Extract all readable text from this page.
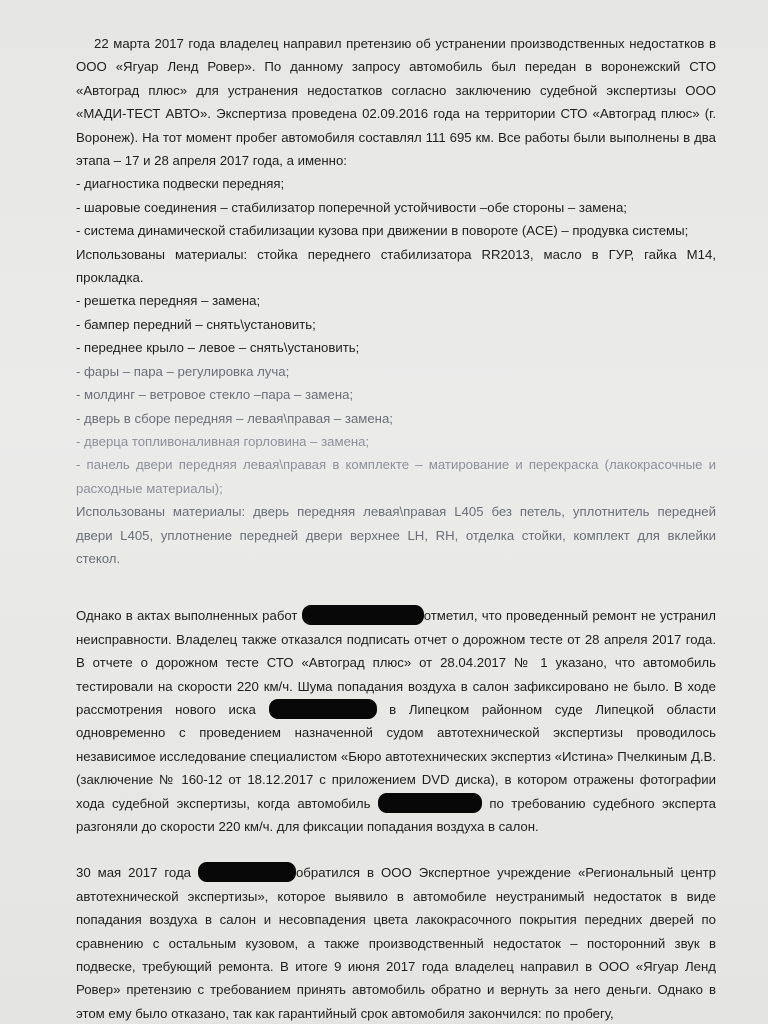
22 марта 2017 года владелец направил претензию об устранении производственных недостатков в ООО «Ягуар Ленд Ровер». По данному запросу автомобиль был передан в воронежский СТО «Автоград плюс» для устранения недостатков согласно заключению судебной экспертизы ООО «МАДИ-ТЕСТ АВТО». Экспертиза проведена 02.09.2016 года на территории СТО «Автоград плюс» (г. Воронеж). На тот момент пробег автомобиля составлял 111 695 км. Все работы были выполнены в два этапа – 17 и 28 апреля 2017 года, а именно:

- диагностика подвески передняя;

- шаровые соединения – стабилизатор поперечной устойчивости –обе стороны – замена;

- система динамической стабилизации кузова при движении в повороте (ACE) – продувка системы;

Использованы материалы: стойка переднего стабилизатора RR2013, масло в ГУР, гайка М14, прокладка.

- решетка передняя – замена;

- бампер передний – снять\установить;

- переднее крыло – левое – снять\установить;

- фары – пара – регулировка луча;

- молдинг – ветровое стекло –пара – замена;

- дверь в сборе передняя – левая\правая – замена;

- дверца топливоналивная горловина – замена;

- панель двери передняя левая\правая в комплекте – матирование и перекраска (лакокрасочные и расходные материалы);

Использованы материалы: дверь передняя левая\правая L405 без петель, уплотнитель передней двери L405, уплотнение передней двери верхнее LH, RH, отделка стойки, комплект для вклейки стекол.

Однако в актах выполненных работ	отметил, что проведенный ремонт не устранил неисправности. Владелец также отказался подписать отчет о дорожном тесте от 28 апреля 2017 года. В отчете о дорожном тесте СТО «Автоград плюс» от 28.04.2017 № 1 указано, что автомобиль тестировали на скорости 220 км/ч. Шума попадания воздуха в салон зафиксировано не было. В ходе рассмотрения нового иска	в Липецком районном суде Липецкой области одновременно с проведением назначенной судом автотехнической экспертизы проводилось независимое исследование специалистом «Бюро автотехнических экспертиз «Истина» Пчелкиным Д.В. (заключение № 160-12 от 18.12.2017 с приложением DVD диска), в котором отражены фотографии хода судебной экспертизы, когда автомобиль	по требованию судебного эксперта разгоняли до скорости 220 км/ч. для фиксации попадания воздуха в салон.

30 мая 2017 года	обратился в ООО Экспертное учреждение «Региональный центр автотехнической экспертизы», которое выявило в автомобиле неустранимый недостаток в виде попадания воздуха в салон и несовпадения цвета лакокрасочного покрытия передних дверей по сравнению с остальным кузовом, а также производственный недостаток – посторонний звук в подвеске, требующий ремонта. В итоге 9 июня 2017 года владелец направил в ООО «Ягуар Ленд Ровер» претензию с требованием принять автомобиль обратно и вернуть за него деньги. Однако в этом ему было отказано, так как гарантийный срок автомобиля закончился: по пробегу,
